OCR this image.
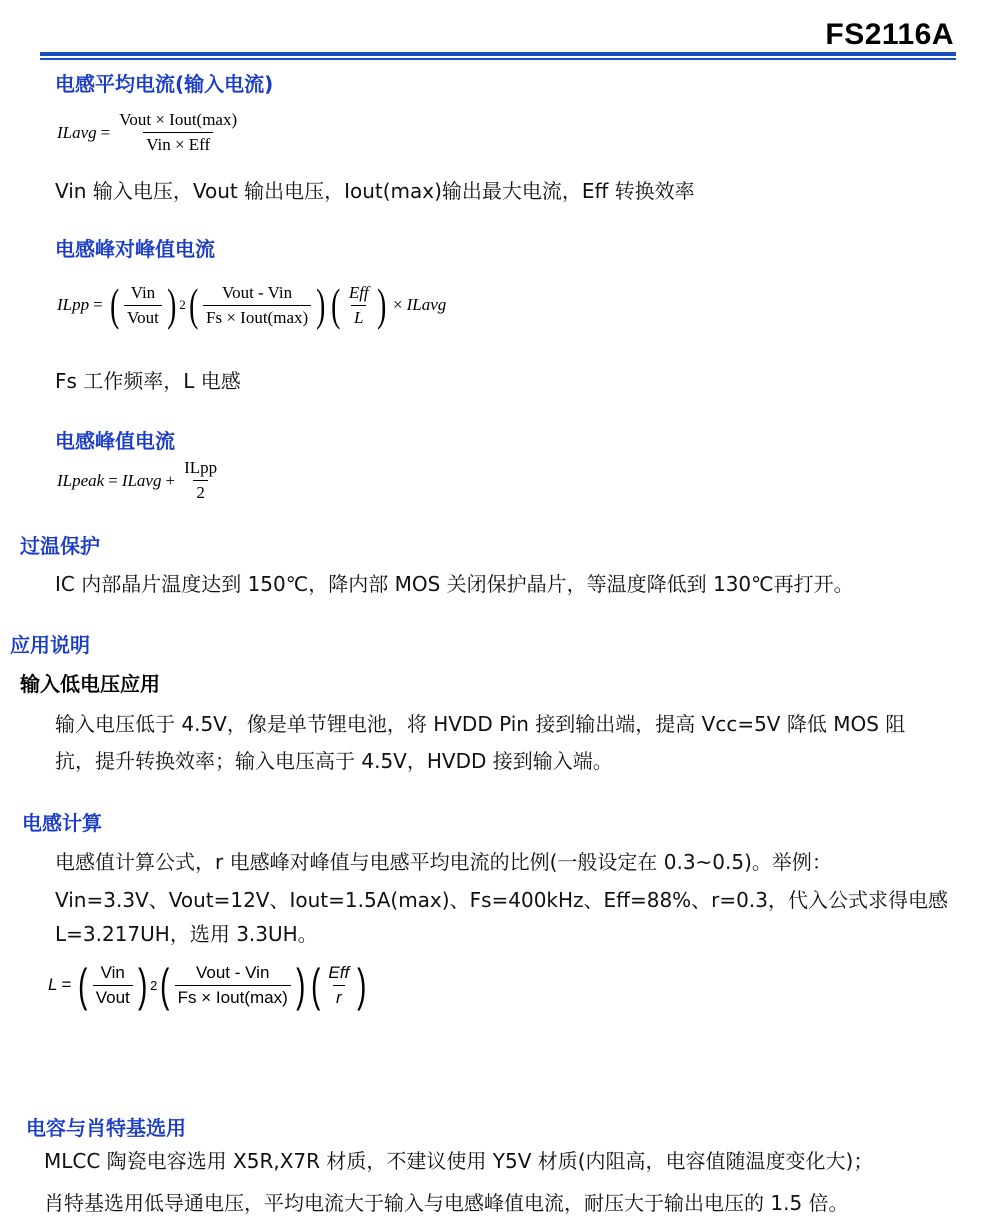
FS2116A
电感平均电流(输入电流)
ILavg = $\frac{\text{Vout × Iout(max)}}{\text{Vin × Eff}}$
Vin 输入电压，Vout 输出电压，Iout(max)输出最大电流，Eff 转换效率
电感峰对峰值电流
ILpp = ( $\frac{\text{Vin}}{\text{Vout}}$ ) 2 ( $\frac{\text{Vout - Vin}}{\text{Fs × Iout(max)}}$ ) ( $\frac{\text{Eff}}{L}$ ) × ILavg
Fs 工作频率，L 电感
电感峰值电流
ILpeak = ILavg + $\frac{\text{ILpp}}{2}$
过温保护
IC 内部晶片温度达到 150℃，降内部 MOS 关闭保护晶片，等温度降低到 130℃再打开。
应用说明
输入低电压应用
输入电压低于 4.5V，像是单节锂电池，将 HVDD Pin 接到输出端，提高 Vcc=5V 降低 MOS 阻
抗，提升转换效率；输入电压高于 4.5V，HVDD 接到输入端。
电感计算
电感值计算公式，r 电感峰对峰值与电感平均电流的比例(一般设定在 0.3~0.5)。举例：
Vin=3.3V、Vout=12V、Iout=1.5A(max)、Fs=400kHz、Eff=88%、r=0.3，代入公式求得电感
L=3.217UH，选用 3.3UH。
L = ( $\frac{\text{Vin}}{\text{Vout}}$ ) 2 ( $\frac{\text{Vout - Vin}}{\text{Fs × Iout(max)}}$ ) ( $\frac{\text{Eff}}{r}$ )
电容与肖特基选用
MLCC 陶瓷电容选用 X5R,X7R 材质，不建议使用 Y5V 材质(内阻高，电容值随温度变化大)；
肖特基选用低导通电压，平均电流大于输入与电感峰值电流，耐压大于输出电压的 1.5 倍。
